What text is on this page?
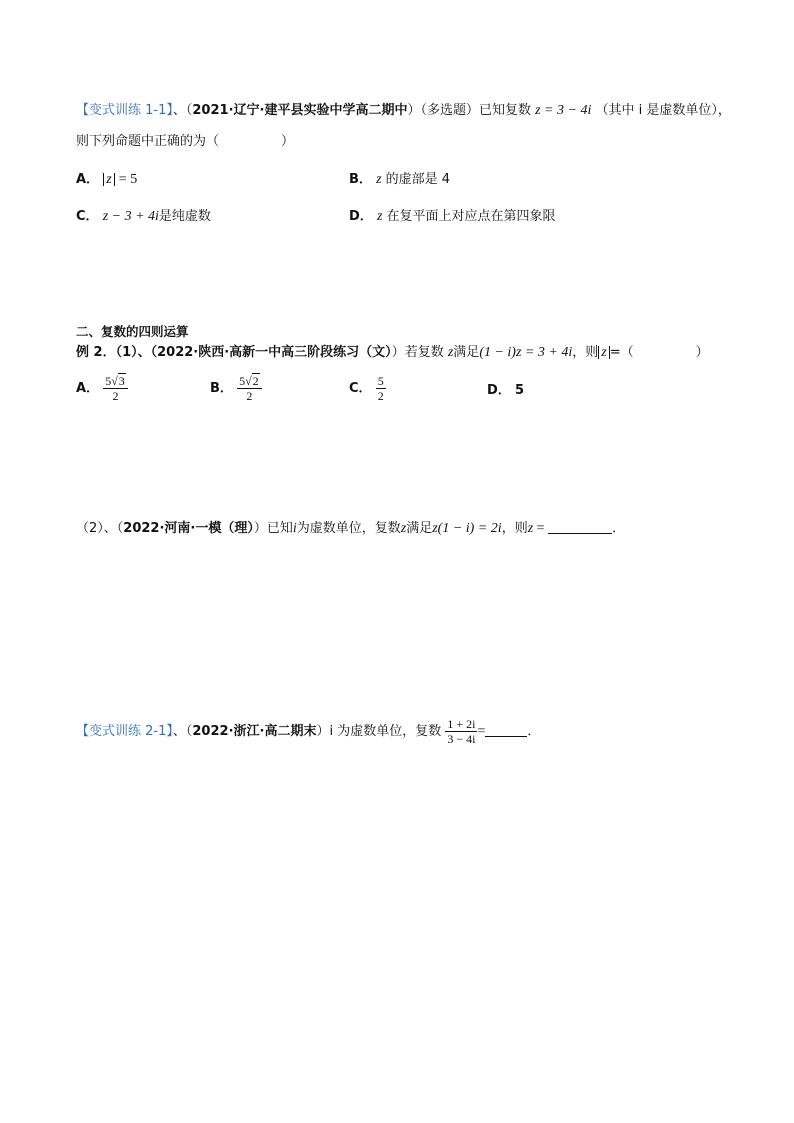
【变式训练 1-1】、（2021·辽宁·建平县实验中学高二期中）（多选题）已知复数 z = 3 − 4i （其中 i 是虚数单位），
则下列命题中正确的为（	）
A． z = 5	B． z 的虚部是 4
C． z − 3 + 4i是纯虚数	D． z 在复平面上对应点在第四象限
二、复数的四则运算
例 2．（1）、（2022·陕西·高新一中高三阶段练习（文））若复数 z满足(1 − i)z = 3 + 4i，则 z =（	）
A． $\frac{5√3}{2}$	B． $\frac{5√2}{2}$	C． $\frac{5}{2}$	D． 5
（2）、（2022·河南·一模（理））已知i为虚数单位，复数z满足z(1 − i) = 2i，则z =	．
【变式训练 2-1】、（2022·浙江·高二期末）i 为虚数单位，复数 $\frac{1 + 2i}{3 - 4i}$ =	．
